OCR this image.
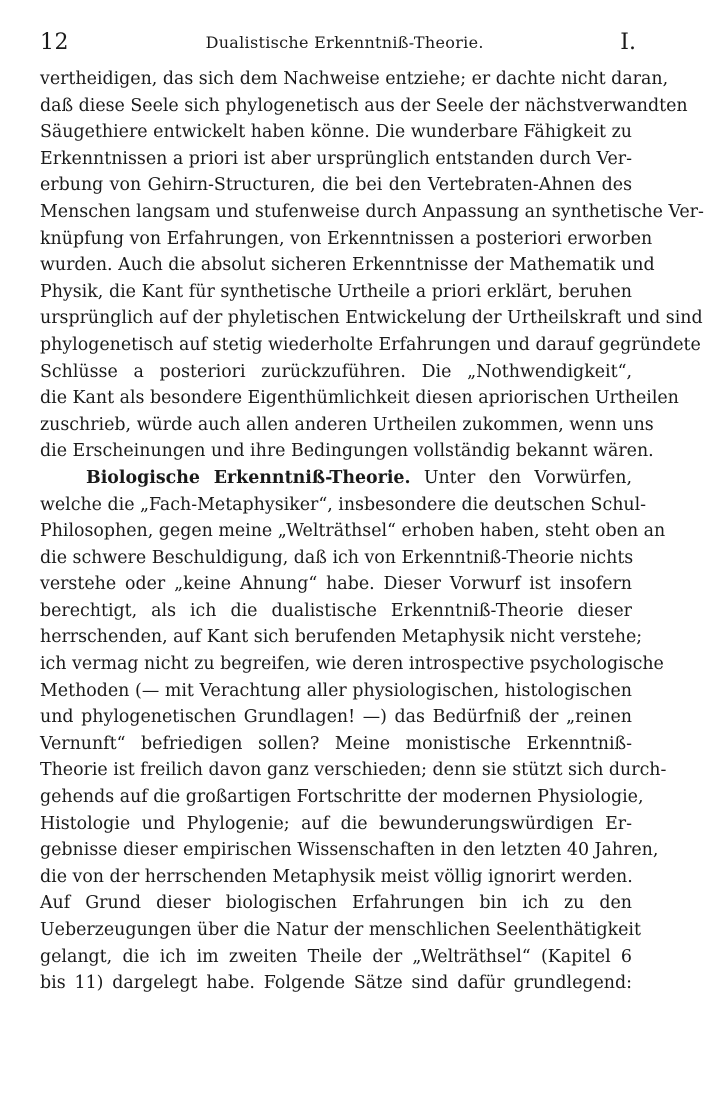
12	Dualistische Erkenntniß-Theorie.	I.
vertheidigen, das sich dem Nachweise entziehe; er dachte nicht daran,
daß diese Seele sich phylogenetisch aus der Seele der nächstverwandten
Säugethiere entwickelt haben könne. Die wunderbare Fähigkeit zu
Erkenntnissen a priori ist aber ursprünglich entstanden durch Ver-
erbung von Gehirn-Structuren, die bei den Vertebraten-Ahnen des
Menschen langsam und stufenweise durch Anpassung an synthetische Ver-
knüpfung von Erfahrungen, von Erkenntnissen a posteriori erworben
wurden. Auch die absolut sicheren Erkenntnisse der Mathematik und
Physik, die Kant für synthetische Urtheile a priori erklärt, beruhen
ursprünglich auf der phyletischen Entwickelung der Urtheilskraft und sind
phylogenetisch auf stetig wiederholte Erfahrungen und darauf gegründete
Schlüsse a posteriori zurückzuführen. Die „Nothwendigkeit“,
die Kant als besondere Eigenthümlichkeit diesen apriorischen Urtheilen
zuschrieb, würde auch allen anderen Urtheilen zukommen, wenn uns
die Erscheinungen und ihre Bedingungen vollständig bekannt wären.
Biologische Erkenntniß-Theorie. Unter den Vorwürfen,
welche die „Fach-Metaphysiker“, insbesondere die deutschen Schul-
Philosophen, gegen meine „Welträthsel“ erhoben haben, steht oben an
die schwere Beschuldigung, daß ich von Erkenntniß-Theorie nichts
verstehe oder „keine Ahnung“ habe. Dieser Vorwurf ist insofern
berechtigt, als ich die dualistische Erkenntniß-Theorie dieser
herrschenden, auf Kant sich berufenden Metaphysik nicht verstehe;
ich vermag nicht zu begreifen, wie deren introspective psychologische
Methoden (— mit Verachtung aller physiologischen, histologischen
und phylogenetischen Grundlagen! —) das Bedürfniß der „reinen
Vernunft“ befriedigen sollen? Meine monistische Erkenntniß-
Theorie ist freilich davon ganz verschieden; denn sie stützt sich durch-
gehends auf die großartigen Fortschritte der modernen Physiologie,
Histologie und Phylogenie; auf die bewunderungswürdigen Er-
gebnisse dieser empirischen Wissenschaften in den letzten 40 Jahren,
die von der herrschenden Metaphysik meist völlig ignorirt werden.
Auf Grund dieser biologischen Erfahrungen bin ich zu den
Ueberzeugungen über die Natur der menschlichen Seelenthätigkeit
gelangt, die ich im zweiten Theile der „Welträthsel“ (Kapitel 6
bis 11) dargelegt habe. Folgende Sätze sind dafür grundlegend:
